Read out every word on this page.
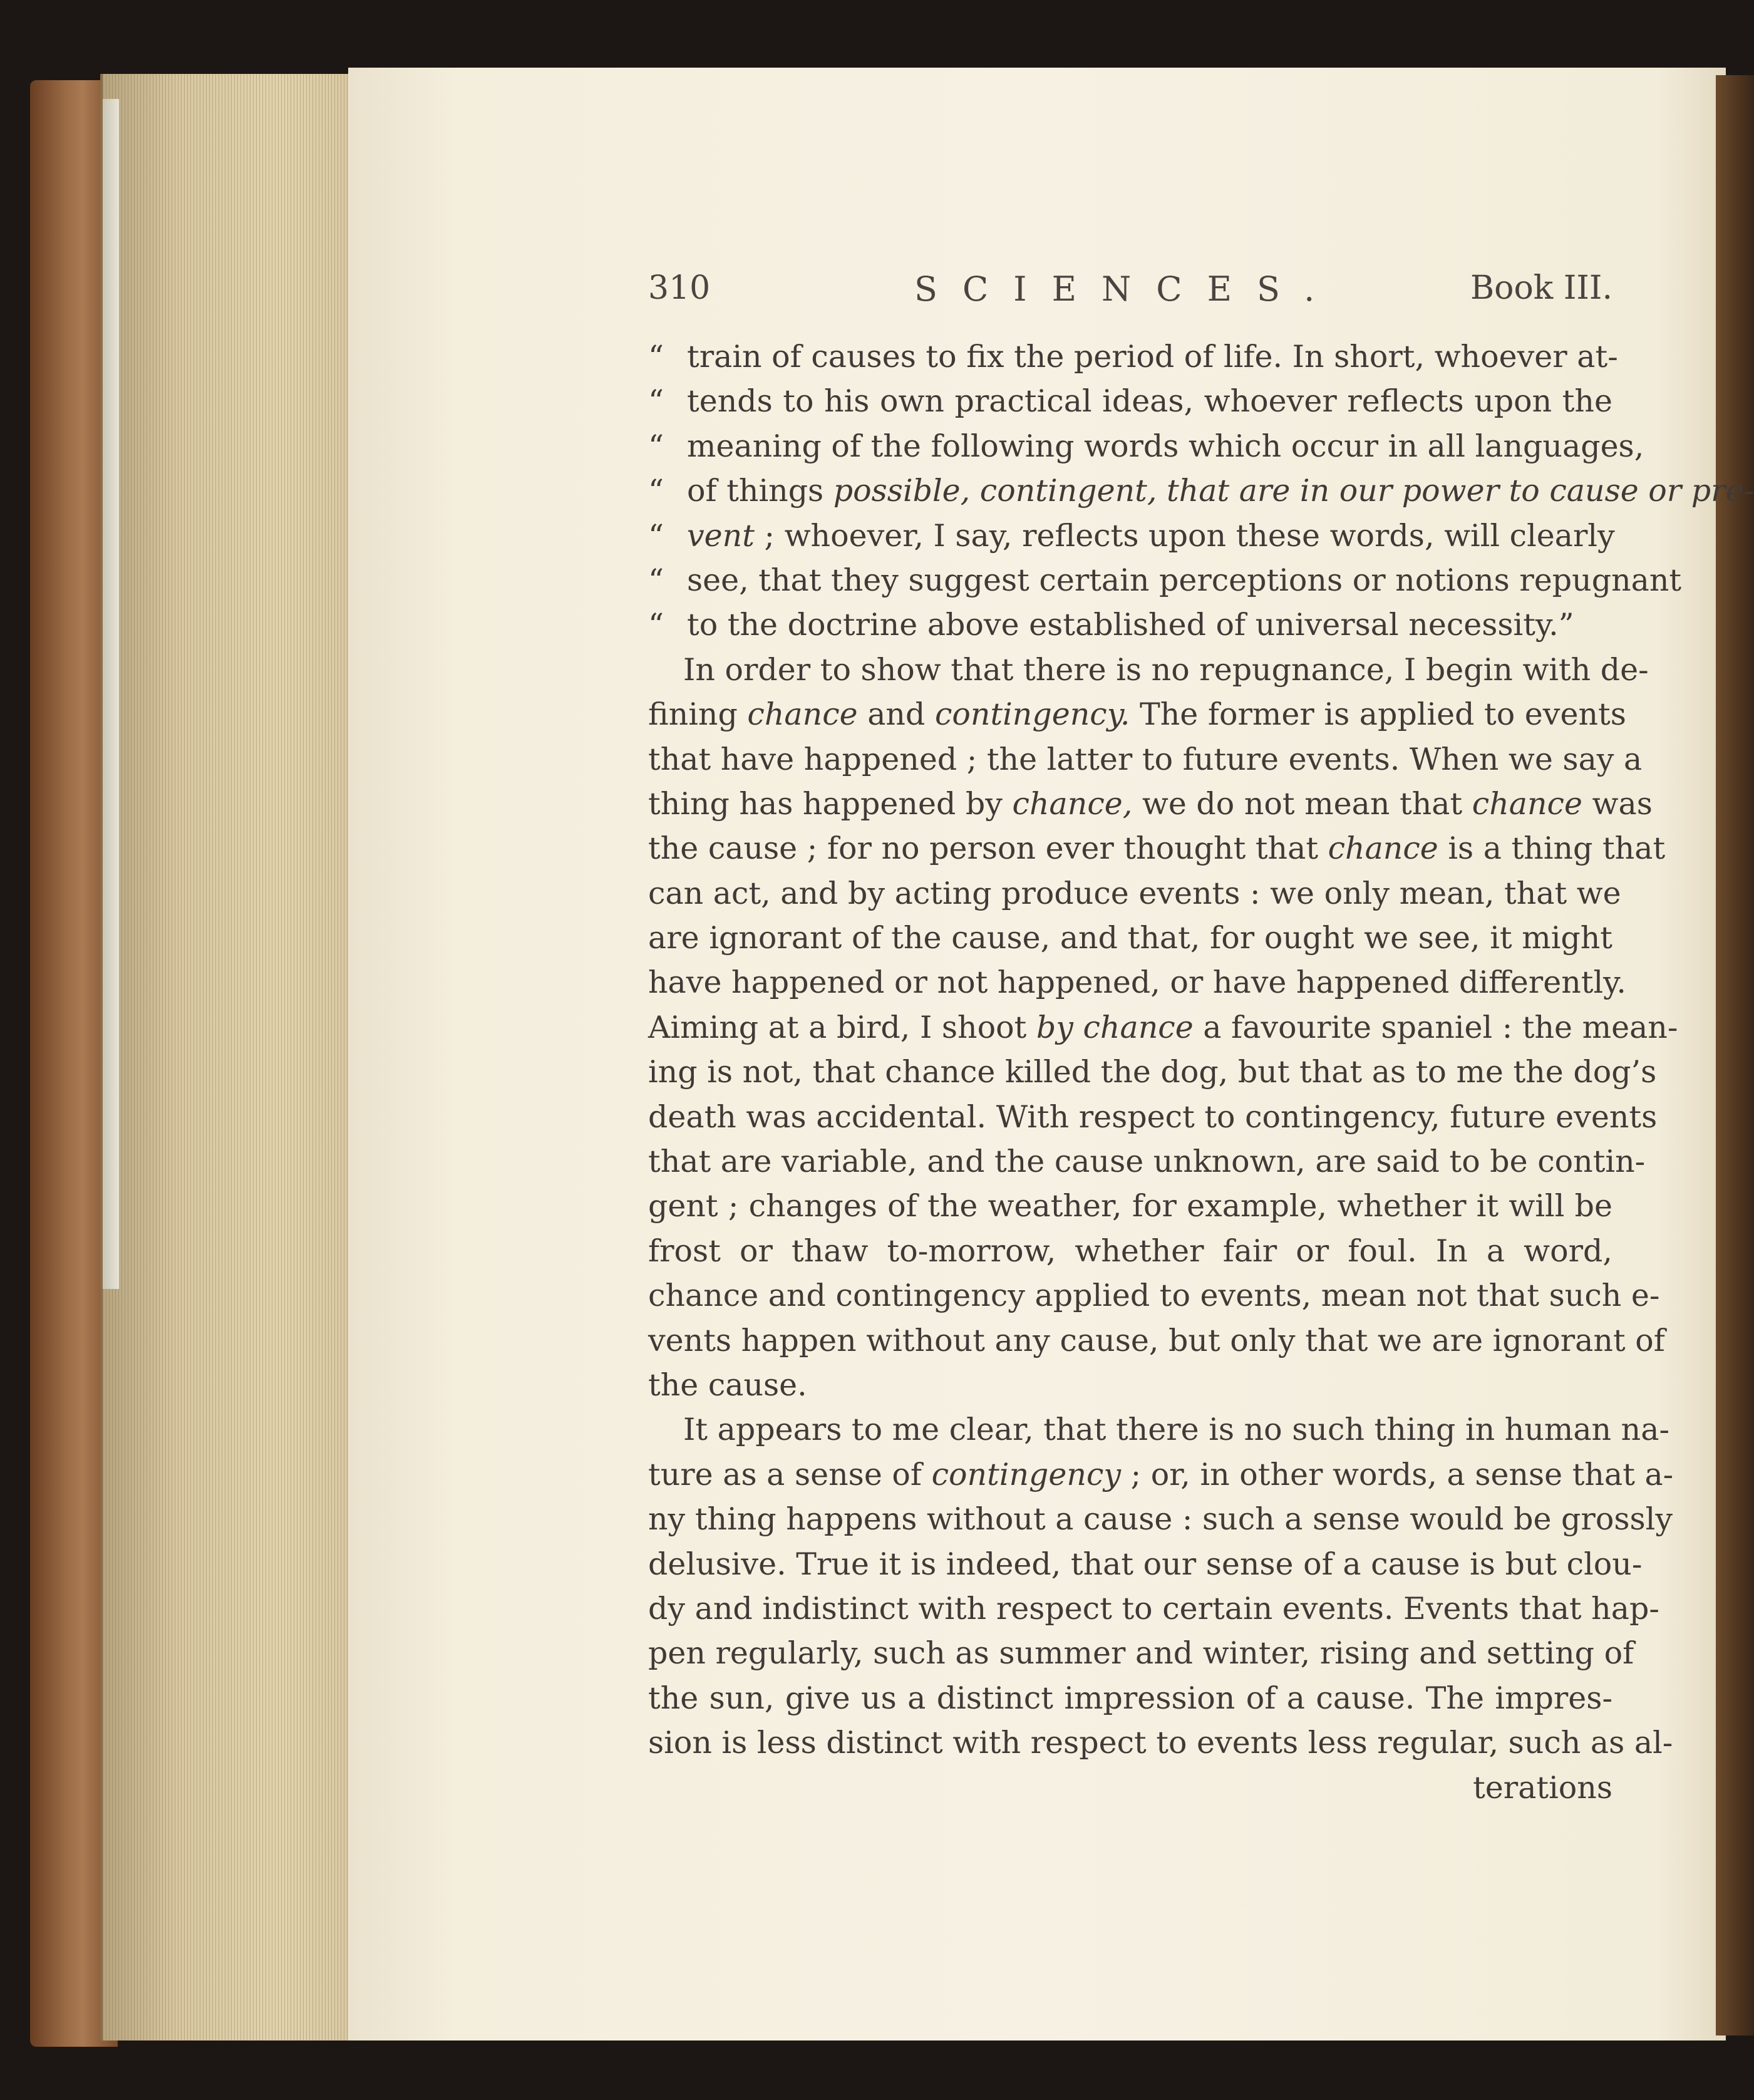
310	SCIENCES.	Book III.
“ train of causes to fix the period of life. In short, whoever at-
“ tends to his own practical ideas, whoever reflects upon the
“ meaning of the following words which occur in all languages,
“ of things possible, contingent, that are in our power to cause or pre-
“ vent ; whoever, I say, reflects upon these words, will clearly
“ see, that they suggest certain perceptions or notions repugnant
“ to the doctrine above established of universal necessity.”
In order to show that there is no repugnance, I begin with de-
fining chance and contingency. The former is applied to events
that have happened ; the latter to future events. When we say a
thing has happened by chance, we do not mean that chance was
the cause ; for no person ever thought that chance is a thing that
can act, and by acting produce events : we only mean, that we
are ignorant of the cause, and that, for ought we see, it might
have happened or not happened, or have happened differently.
Aiming at a bird, I shoot by chance a favourite spaniel : the mean-
ing is not, that chance killed the dog, but that as to me the dog’s
death was accidental. With respect to contingency, future events
that are variable, and the cause unknown, are said to be contin-
gent ; changes of the weather, for example, whether it will be
frost or thaw to-morrow, whether fair or foul. In a word,
chance and contingency applied to events, mean not that such e-
vents happen without any cause, but only that we are ignorant of
the cause.
It appears to me clear, that there is no such thing in human na-
ture as a sense of contingency ; or, in other words, a sense that a-
ny thing happens without a cause : such a sense would be grossly
delusive. True it is indeed, that our sense of a cause is but clou-
dy and indistinct with respect to certain events. Events that hap-
pen regularly, such as summer and winter, rising and setting of
the sun, give us a distinct impression of a cause. The impres-
sion is less distinct with respect to events less regular, such as al-
terations
